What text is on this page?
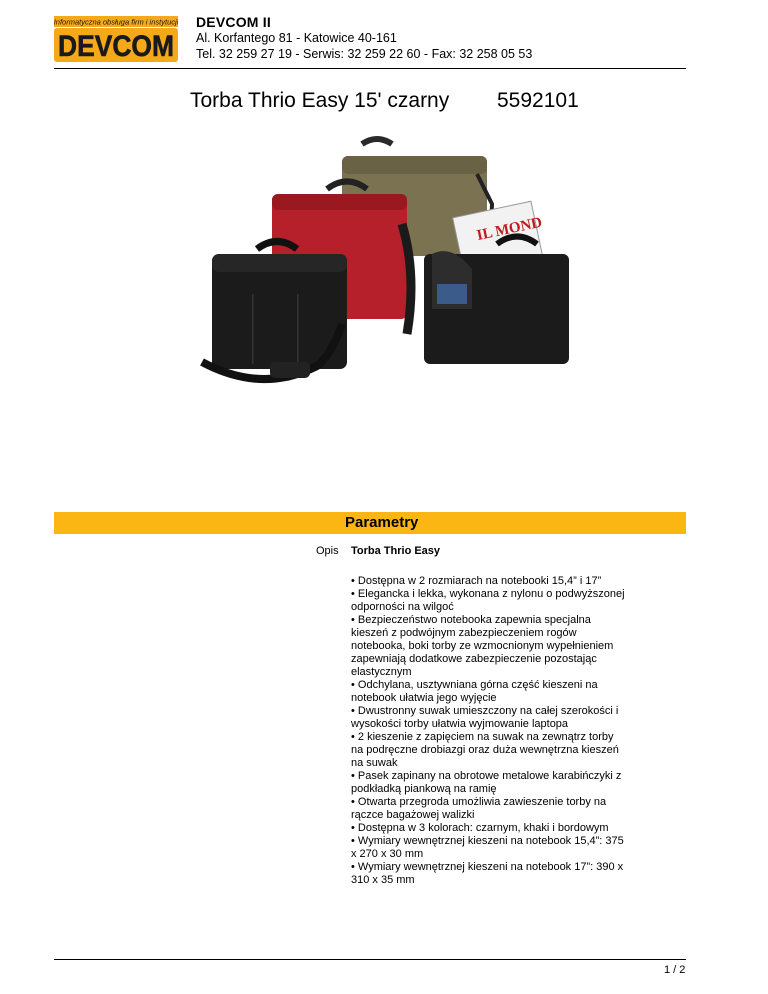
Informatyczna obsługa firm i instytucji
DEVCOM
DEVCOM II
Al. Korfantego 81 - Katowice 40-161
Tel. 32 259 27 19 - Serwis: 32 259 22 60 - Fax: 32 258 05 53
Torba Thrio Easy 15' czarny 5592101
IL MOND
Parametry
Opis Torba Thrio Easy

• Dostępna w 2 rozmiarach na notebooki 15,4” i 17”

• Elegancka i lekka, wykonana z nylonu o podwyższonej

odporności na wilgoć

• Bezpieczeństwo notebooka zapewnia specjalna

kieszeń z podwójnym zabezpieczeniem rogów

notebooka, boki torby ze wzmocnionym wypełnieniem

zapewniają dodatkowe zabezpieczenie pozostając

elastycznym

• Odchylana, usztywniana górna część kieszeni na

notebook ułatwia jego wyjęcie

• Dwustronny suwak umieszczony na całej szerokości i

wysokości torby ułatwia wyjmowanie laptopa

• 2 kieszenie z zapięciem na suwak na zewnątrz torby

na podręczne drobiazgi oraz duża wewnętrzna kieszeń

na suwak

• Pasek zapinany na obrotowe metalowe karabińczyki z

podkładką piankową na ramię

• Otwarta przegroda umożliwia zawieszenie torby na

rączce bagażowej walizki

• Dostępna w 3 kolorach: czarnym, khaki i bordowym

• Wymiary wewnętrznej kieszeni na notebook 15,4”: 375

x 270 x 30 mm

• Wymiary wewnętrznej kieszeni na notebook 17”: 390 x

310 x 35 mm

1 / 2
